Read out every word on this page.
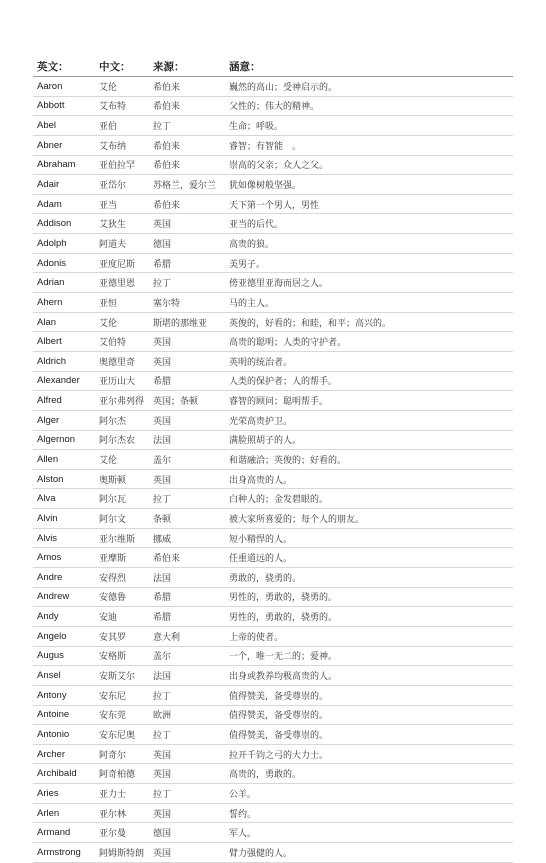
英文：	中文：	来源：	涵意：
Aaron	艾伦	希伯来	巍然的高山；受神启示的。
Abbott	艾布特	希伯来	父性的；伟大的精神。
Abel	亚伯	拉丁	生命；呼吸。
Abner	艾布纳	希伯来	睿智；有智能　。
Abraham	亚伯拉罕	希伯来	崇高的父亲；众人之父。
Adair	亚岱尔	苏格兰，爱尔兰	犹如像树般坚强。
Adam	亚当	希伯来	天下第一个男人，男性
Addison	艾狄生	英国	亚当的后代。
Adolph	阿道夫	德国	高贵的狼。
Adonis	亚度尼斯	希腊	美男子。
Adrian	亚德里恩	拉丁	傍亚德里亚海而居之人。
Ahern	亚恒	塞尔特	马的主人。
Alan	艾伦	斯堪的那维亚	英俊的，好看的；和睦，和平；高兴的。
Albert	艾伯特	英国	高贵的聪明；人类的守护者。
Aldrich	奥德里奇	英国	英明的统治者。
Alexander	亚历山大	希腊	人类的保护者；人的帮手。
Alfred	亚尔弗列得	英国；条顿	睿智的顾问；聪明帮手。
Alger	阿尔杰	英国	光荣高贵护卫。
Algernon	阿尔杰农	法国	满脸照胡子的人。
Allen	艾伦	盖尔	和谐融洽；英俊的；好看的。
Alston	奥斯顿	英国	出身高贵的人。
Alva	阿尔瓦	拉丁	白种人的；金发碧眼的。
Alvin	阿尔文	条顿	被大家所喜爱的；每个人的朋友。
Alvis	亚尔维斯	挪威	短小精悍的人。
Amos	亚摩斯	希伯来	任重道远的人。
Andre	安得烈	法国	勇敢的，骁勇的。
Andrew	安德鲁	希腊	男性的，勇敢的，骁勇的。
Andy	安迪	希腊	男性的，勇敢的，骁勇的。
Angelo	安其罗	意大利	上帝的使者。
Augus	安格斯	盖尔	一个，唯一无二的；爱神。
Ansel	安斯艾尔	法国	出身或教养均极高贵的人。
Antony	安东尼	拉丁	值得赞美，备受尊崇的。
Antoine	安东莞	欧洲	值得赞美，备受尊崇的。
Antonio	安东尼奥	拉丁	值得赞美，备受尊崇的。
Archer	阿奇尔	英国	拉开千钧之弓的大力士。
Archibald	阿奇柏德	英国	高贵的，勇敢的。
Aries	亚力士	拉丁	公羊。
Arlen	亚尔林	英国	誓约。
Armand	亚尔曼	德国	军人。
Armstrong	阿姆斯特朗	英国	臂力强健的人。
